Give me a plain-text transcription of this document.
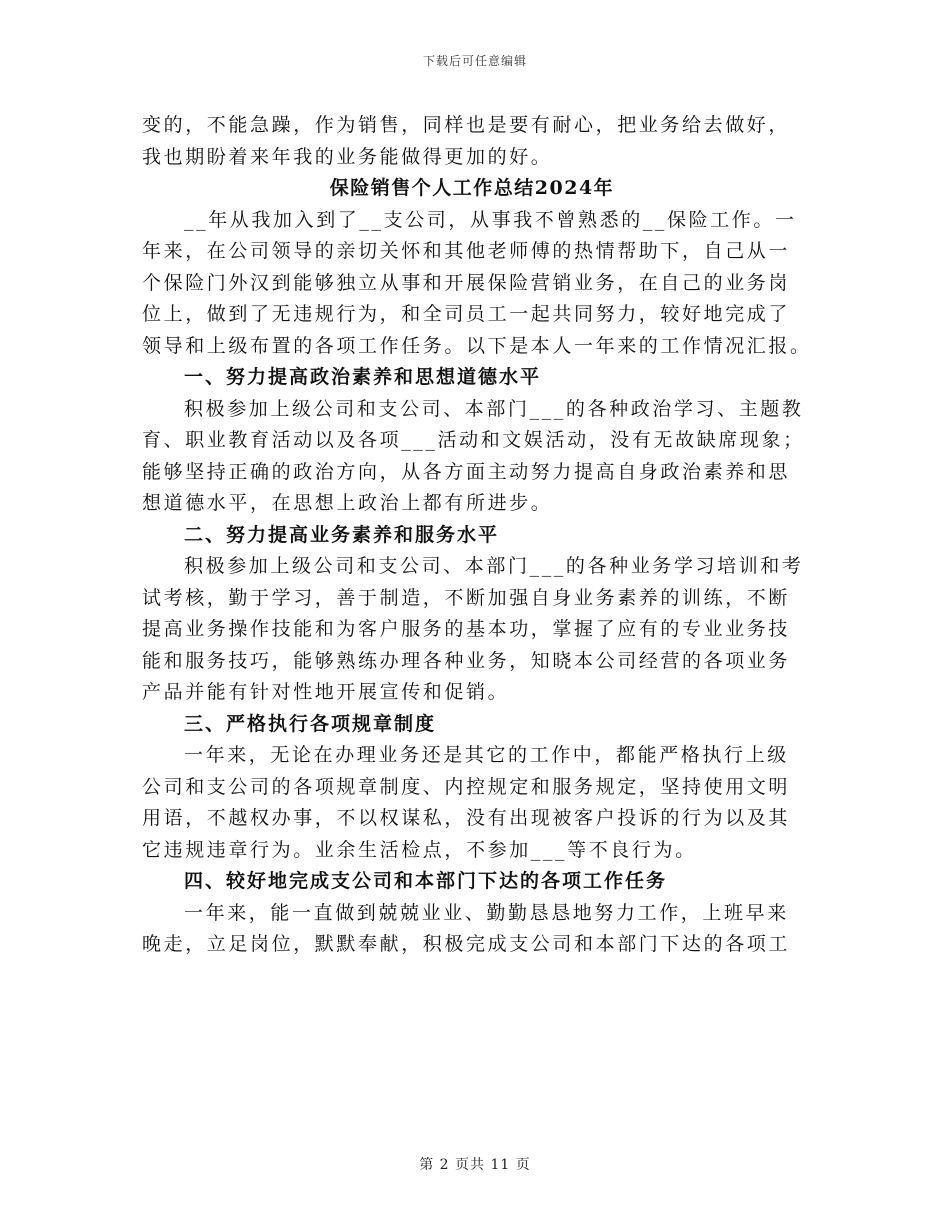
下载后可任意编辑

变的，不能急躁，作为销售，同样也是要有耐心，把业务给去做好，

我也期盼着来年我的业务能做得更加的好。

保险销售个人工作总结2024年

__年从我加入到了__支公司，从事我不曾熟悉的__保险工作。一

年来，在公司领导的亲切关怀和其他老师傅的热情帮助下，自己从一

个保险门外汉到能够独立从事和开展保险营销业务，在自己的业务岗

位上，做到了无违规行为，和全司员工一起共同努力，较好地完成了

领导和上级布置的各项工作任务。以下是本人一年来的工作情况汇报。

一、努力提高政治素养和思想道德水平

积极参加上级公司和支公司、本部门___的各种政治学习、主题教

育、职业教育活动以及各项___活动和文娱活动，没有无故缺席现象；

能够坚持正确的政治方向，从各方面主动努力提高自身政治素养和思

想道德水平，在思想上政治上都有所进步。

二、努力提高业务素养和服务水平

积极参加上级公司和支公司、本部门___的各种业务学习培训和考

试考核，勤于学习，善于制造，不断加强自身业务素养的训练，不断

提高业务操作技能和为客户服务的基本功，掌握了应有的专业业务技

能和服务技巧，能够熟练办理各种业务，知晓本公司经营的各项业务

产品并能有针对性地开展宣传和促销。

三、严格执行各项规章制度

一年来，无论在办理业务还是其它的工作中，都能严格执行上级

公司和支公司的各项规章制度、内控规定和服务规定，坚持使用文明

用语，不越权办事，不以权谋私，没有出现被客户投诉的行为以及其

它违规违章行为。业余生活检点，不参加___等不良行为。

四、较好地完成支公司和本部门下达的各项工作任务

一年来，能一直做到兢兢业业、勤勤恳恳地努力工作，上班早来

晚走，立足岗位，默默奉献，积极完成支公司和本部门下达的各项工

第 2 页共 11 页
